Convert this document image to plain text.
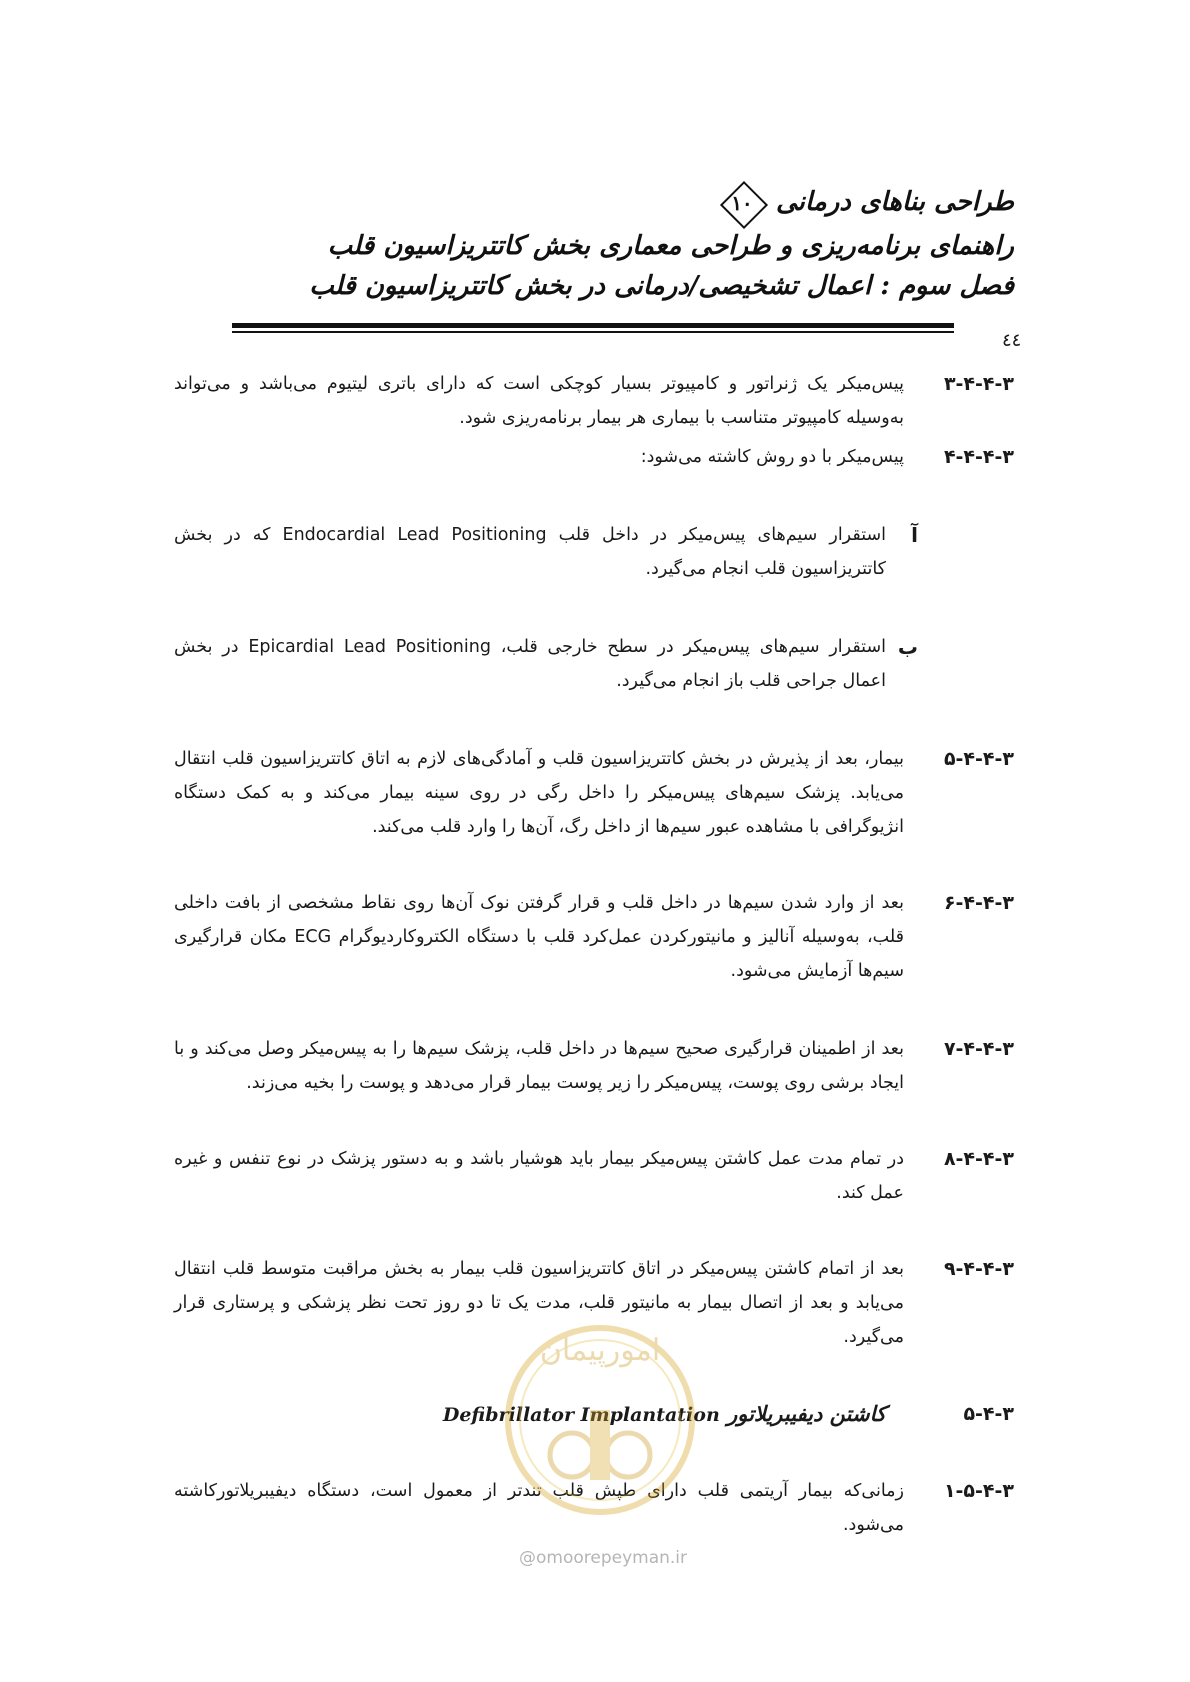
طراحی بناهای درمانی
۱۰
راهنمای برنامه‌ریزی و طراحی معماری بخش کاتتریزاسیون قلب
فصل سوم : اعمال تشخیصی/درمانی در بخش کاتتریزاسیون قلب
٤٤
۳-۴-۴-۳
پیس‌میکر یک ژنراتور و کامپیوتر بسیار کوچکی است که دارای باتری لیتیوم می‌باشد و می‌تواند به‌وسیله کامپیوتر متناسب با بیماری هر بیمار برنامه‌ریزی شود.
۴-۴-۴-۳
پیس‌میکر با دو روش کاشته می‌شود:
آ
استقرار سیم‌های پیس‌میکر در داخل قلب Endocardial Lead Positioning که در بخش کاتتریزاسیون قلب انجام می‌گیرد.
ب
استقرار سیم‌های پیس‌میکر در سطح خارجی قلب، Epicardial Lead Positioning در بخش اعمال جراحی قلب باز انجام می‌گیرد.
۵-۴-۴-۳
بیمار، بعد از پذیرش در بخش کاتتریزاسیون قلب و آمادگی‌های لازم به اتاق کاتتریزاسیون قلب انتقال می‌یابد. پزشک سیم‌های پیس‌میکر را داخل رگی در روی سینه بیمار می‌کند و به کمک دستگاه انژیوگرافی با مشاهده عبور سیم‌ها از داخل رگ، آن‌ها را وارد قلب می‌کند.
۶-۴-۴-۳
بعد از وارد شدن سیم‌ها در داخل قلب و قرار گرفتن نوک آن‌ها روی نقاط مشخصی از بافت داخلی قلب، به‌وسیله آنالیز و مانیتورکردن عمل‌کرد قلب با دستگاه الکتروکاردیوگرام ECG مکان قرارگیری سیم‌ها آزمایش می‌شود.
۷-۴-۴-۳
بعد از اطمینان قرارگیری صحیح سیم‌ها در داخل قلب، پزشک سیم‌ها را به پیس‌میکر وصل می‌کند و با ایجاد برشی روی پوست، پیس‌میکر را زیر پوست بیمار قرار می‌دهد و پوست را بخیه می‌زند.
۸-۴-۴-۳
در تمام مدت عمل کاشتن پیس‌میکر بیمار باید هوشیار باشد و به دستور پزشک در نوع تنفس و غیره عمل کند.
۹-۴-۴-۳
بعد از اتمام کاشتن پیس‌میکر در اتاق کاتتریزاسیون قلب بیمار به بخش مراقبت متوسط قلب انتقال می‌یابد و بعد از اتصال بیمار به مانیتور قلب، مدت یک تا دو روز تحت نظر پزشکی و پرستاری قرار می‌گیرد.
۵-۴-۳
کاشتن دیفیبریلاتور Defibrillator Implantation
۱-۵-۴-۳
زمانی‌که بیمار آریتمی قلب دارای طپش قلب تندتر از معمول است، دستگاه دیفیبریلاتورکاشته می‌شود.
امورپیمان
@omoorepeyman.ir
